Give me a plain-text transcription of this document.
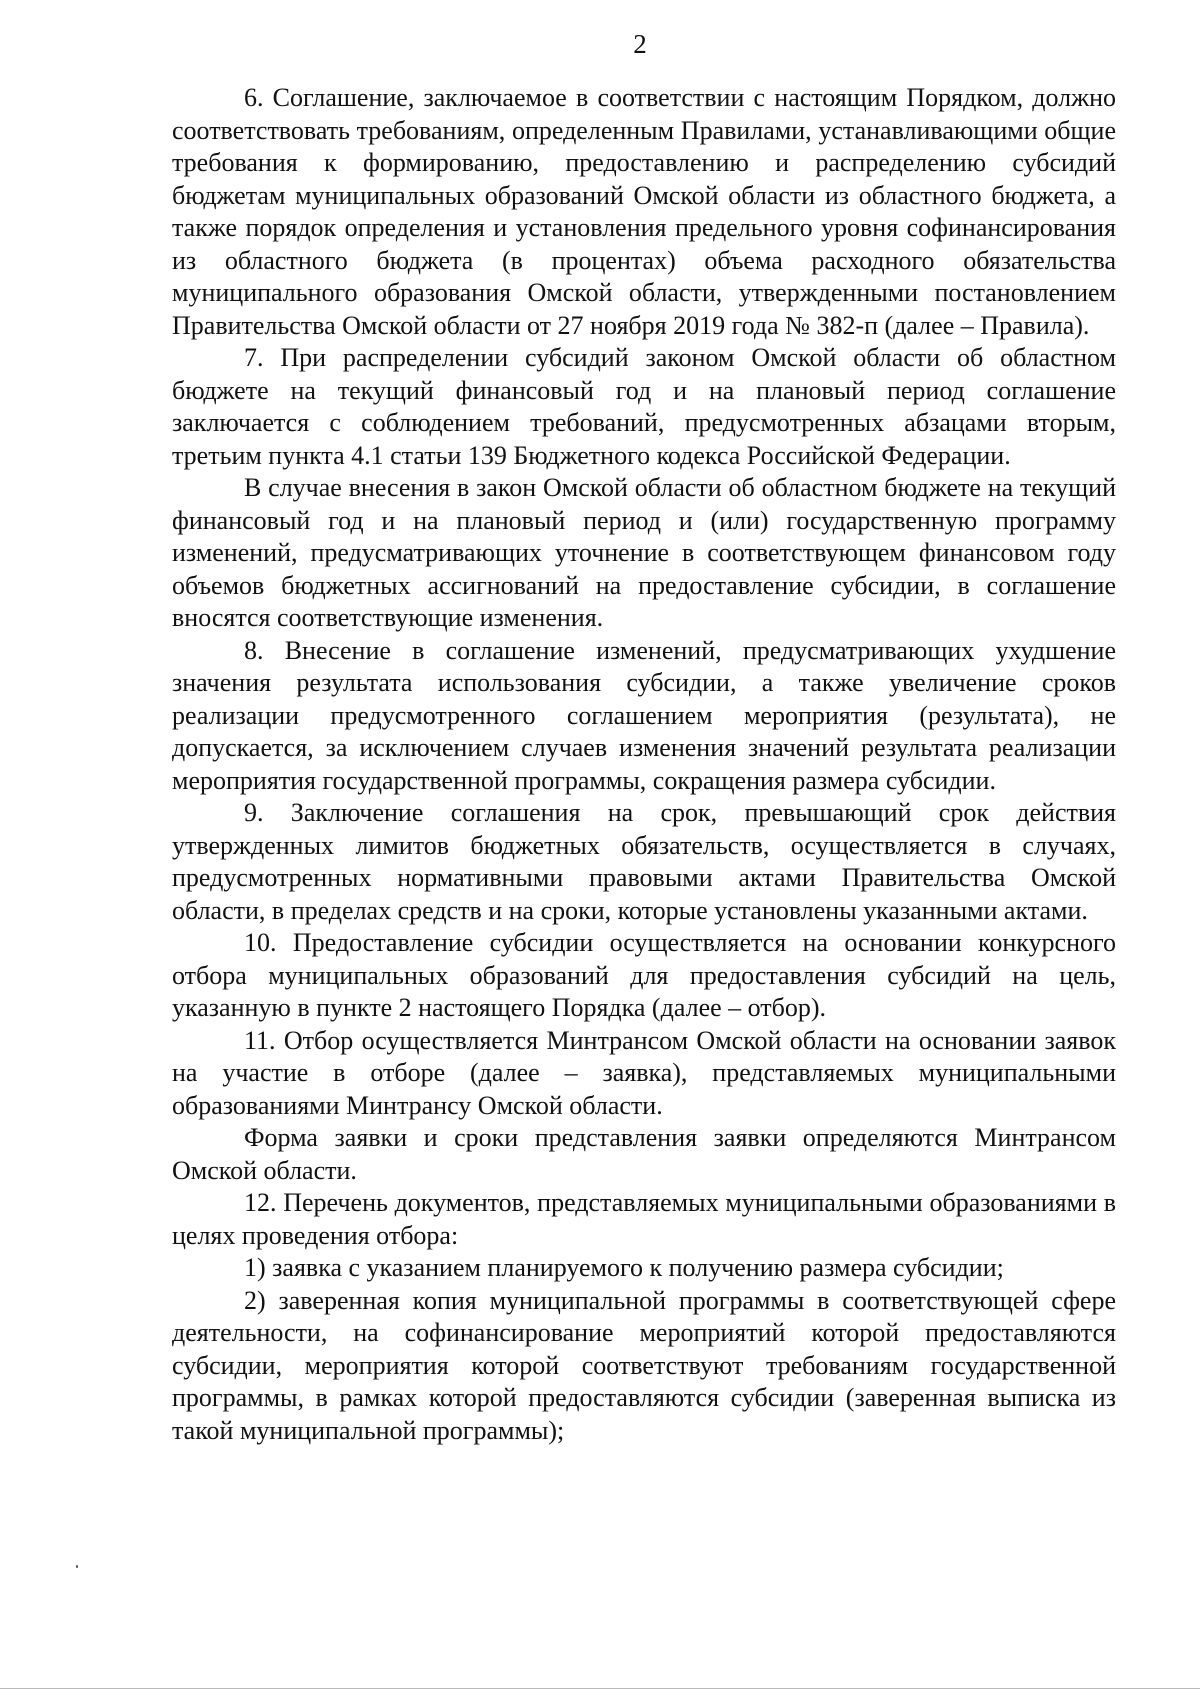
2

6. Соглашение, заключаемое в соответствии с настоящим Порядком, должно соответствовать требованиям, определенным Правилами, устанавливающими общие требования к формированию, предоставлению и распределению субсидий бюджетам муниципальных образований Омской области из областного бюджета, а также порядок определения и установления предельного уровня софинансирования из областного бюджета (в процентах) объема расходного обязательства муниципального образования Омской области, утвержденными постановлением Правительства Омской области от 27 ноября 2019 года № 382-п (далее – Правила).

7. При распределении субсидий законом Омской области об областном бюджете на текущий финансовый год и на плановый период соглашение заключается с соблюдением требований, предусмотренных абзацами вторым, третьим пункта 4.1 статьи 139 Бюджетного кодекса Российской Федерации.

В случае внесения в закон Омской области об областном бюджете на текущий финансовый год и на плановый период и (или) государственную программу изменений, предусматривающих уточнение в соответствующем финансовом году объемов бюджетных ассигнований на предоставление субсидии, в соглашение вносятся соответствующие изменения.

8. Внесение в соглашение изменений, предусматривающих ухудшение значения результата использования субсидии, а также увеличение сроков реализации предусмотренного соглашением мероприятия (результата), не допускается, за исключением случаев изменения значений результата реализации мероприятия государственной программы, сокращения размера субсидии.

9. Заключение соглашения на срок, превышающий срок действия утвержденных лимитов бюджетных обязательств, осуществляется в случаях, предусмотренных нормативными правовыми актами Правительства Омской области, в пределах средств и на сроки, которые установлены указанными актами.

10. Предоставление субсидии осуществляется на основании конкурсного отбора муниципальных образований для предоставления субсидий на цель, указанную в пункте 2 настоящего Порядка (далее – отбор).

11. Отбор осуществляется Минтрансом Омской области на основании заявок на участие в отборе (далее – заявка), представляемых муниципальными образованиями Минтрансу Омской области.

Форма заявки и сроки представления заявки определяются Минтрансом Омской области.

12. Перечень документов, представляемых муниципальными образованиями в целях проведения отбора:

1) заявка с указанием планируемого к получению размера субсидии;

2) заверенная копия муниципальной программы в соответствующей сфере деятельности, на софинансирование мероприятий которой предоставляются субсидии, мероприятия которой соответствуют требованиям государственной программы, в рамках которой предоставляются субсидии (заверенная выписка из такой муниципальной программы);
